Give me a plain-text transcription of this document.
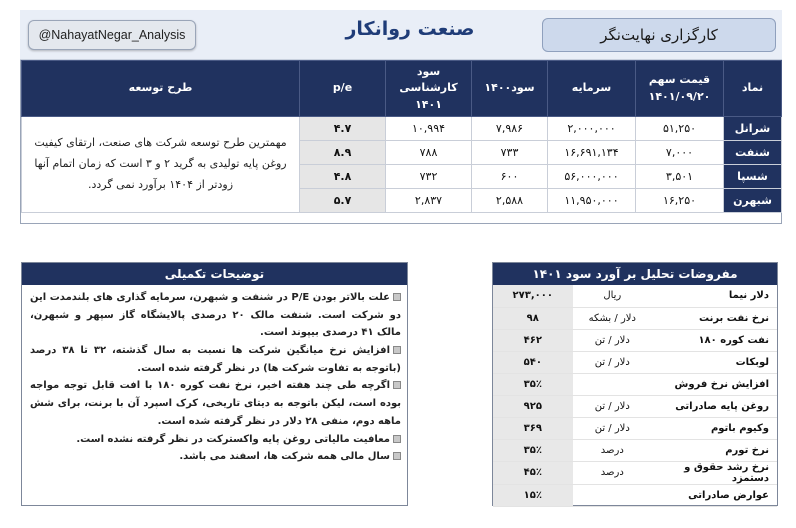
@NahayatNegar_Analysis	صنعت روانکار	کارگزاری نهایت‌نگر
نماد	قیمت سهم ۱۴۰۱/۰۹/۲۰	سرمایه	سود۱۴۰۰	سود کارشناسی ۱۴۰۱	p/e	طرح توسعه
شرانل	۵۱,۲۵۰	۲,۰۰۰,۰۰۰	۷,۹۸۶	۱۰,۹۹۴	۴.۷	مهمترین طرح توسعه شرکت های صنعت، ارتقای کیفیت روغن پایه تولیدی به گرید ۲ و ۳ است که زمان اتمام آنها زودتر از ۱۴۰۴ برآورد نمی گردد.
شنفت	۷,۰۰۰	۱۶,۶۹۱,۱۳۴	۷۳۳	۷۸۸	۸.۹	
شسپا	۳,۵۰۱	۵۶,۰۰۰,۰۰۰	۶۰۰	۷۳۲	۴.۸	
شبهرن	۱۶,۲۵۰	۱۱,۹۵۰,۰۰۰	۲,۵۸۸	۲,۸۳۷	۵.۷	
توضیحات تکمیلی
علت بالاتر بودن P/E در شنفت و شبهرن، سرمایه گذاری های بلندمدت این دو شرکت است. شنفت مالک ۲۰ درصدی پالایشگاه گاز سپهر و شبهرن، مالک ۴۱ درصدی بیپوند است.
افزایش نرخ میانگین شرکت ها نسبت به سال گذشته، ۳۲ تا ۳۸ درصد (باتوجه به تفاوت شرکت ها) در نظر گرفته شده است.
اگرچه طی چند هفته اخیر، نرخ نفت کوره ۱۸۰ با افت قابل توجه مواجه بوده است، لیکن باتوجه به دیتای تاریخی، کرک اسپرد آن با برنت، برای شش ماهه دوم، منفی ۲۸ دلار در نظر گرفته شده است.
معافیت مالیاتی روغن پایه واکسترکت در نظر گرفته نشده است.
سال مالی همه شرکت ها، اسفند می باشد.
مفروضات تحلیل بر آورد سود ۱۴۰۱
دلار نیما	ریال	۲۷۳,۰۰۰
نرخ نفت برنت	دلار / بشکه	۹۸
نفت کوره ۱۸۰	دلار / تن	۴۶۲
لوبکات	دلار / تن	۵۴۰
افزایش نرخ فروش		۳۵٪
روغن پایه صادراتی	دلار / تن	۹۲۵
وکیوم باتوم	دلار / تن	۳۶۹
نرخ تورم	درصد	۳۵٪
نرخ رشد حقوق و دستمزد	درصد	۴۵٪
عوارض صادراتی		۱۵٪
